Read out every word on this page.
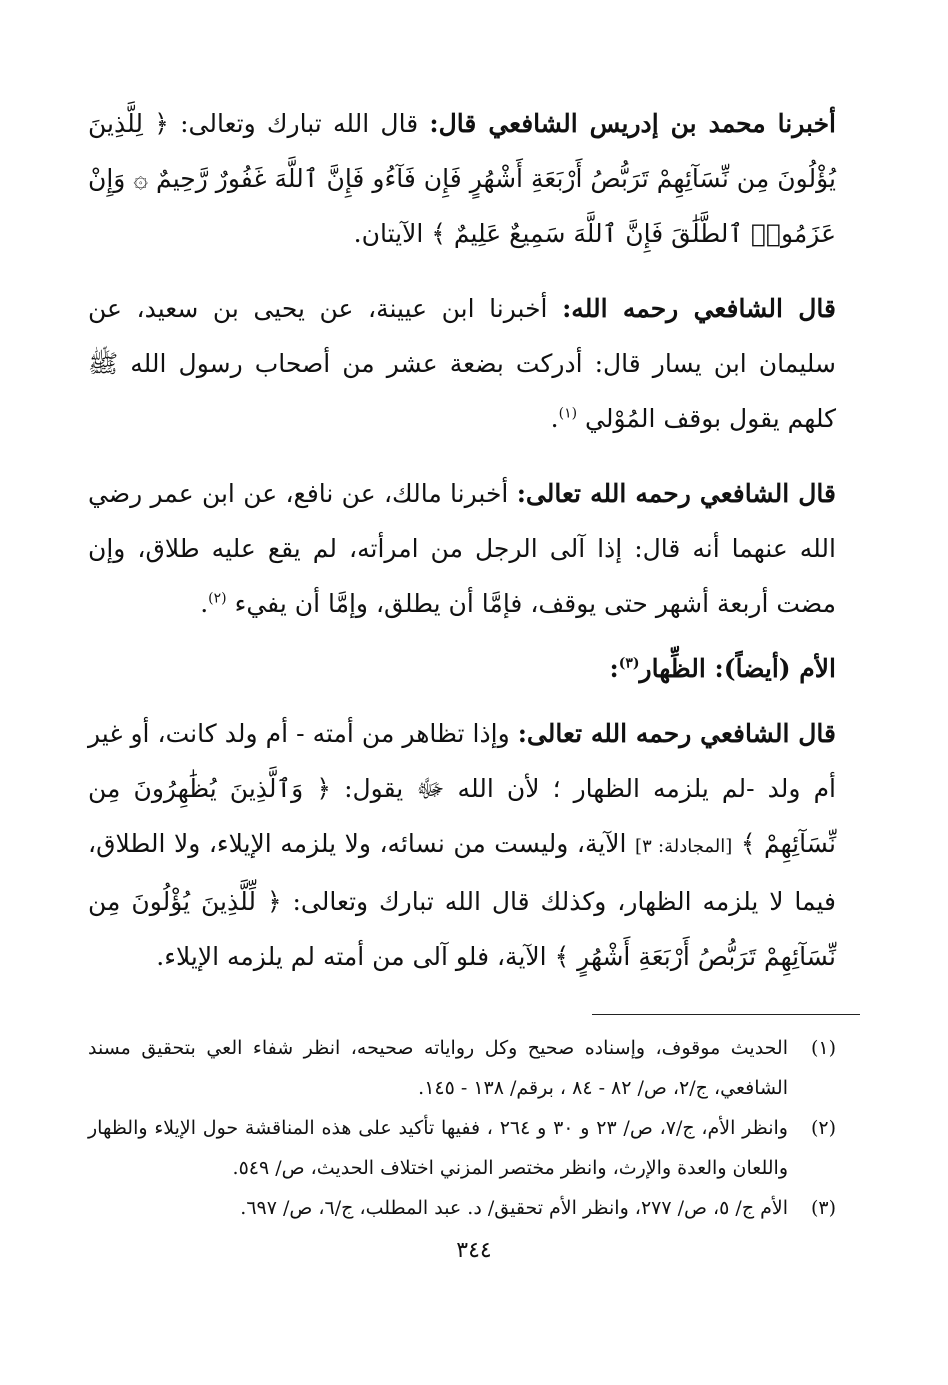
أخبرنا محمد بن إدريس الشافعي قال: قال الله تبارك وتعالى: ﴿ لِلَّذِينَ يُؤْلُونَ مِن نِّسَآئِهِمْ تَرَبُّصُ أَرْبَعَةِ أَشْهُرٍ فَإِن فَآءُو فَإِنَّ ٱللَّهَ غَفُورٌ رَّحِيمٌ ۞ وَإِنْ عَزَمُوا۟ ٱلطَّلَٰقَ فَإِنَّ ٱللَّهَ سَمِيعٌ عَلِيمٌ ﴾ الآيتان.

قال الشافعي رحمه الله: أخبرنا ابن عيينة، عن يحيى بن سعيد، عن سليمان ابن يسار قال: أدركت بضعة عشر من أصحاب رسول الله ﷺ كلهم يقول بوقف المُوْلي $^{(١)}$.

قال الشافعي رحمه الله تعالى: أخبرنا مالك، عن نافع، عن ابن عمر رضي الله عنهما أنه قال: إذا آلى الرجل من امرأته، لم يقع عليه طلاق، وإن مضت أربعة أشهر حتى يوقف، فإمَّا أن يطلق، وإمَّا أن يفيء $^{(٢)}$.

الأم (أيضاً): الظِّهار$^{(٣)}$:

قال الشافعي رحمه الله تعالى: وإذا تظاهر من أمته - أم ولد كانت، أو غير أم ولد -لم يلزمه الظهار ؛ لأن الله ﷻ يقول: ﴿ وَٱلَّذِينَ يُظَٰهِرُونَ مِن نِّسَآئِهِمْ ﴾ [المجادلة: ٣] الآية، وليست من نسائه، ولا يلزمه الإيلاء، ولا الطلاق، فيما لا يلزمه الظهار، وكذلك قال الله تبارك وتعالى: ﴿ لِّلَّذِينَ يُؤْلُونَ مِن نِّسَآئِهِمْ تَرَبُّصُ أَرْبَعَةِ أَشْهُرٍ ﴾ الآية، فلو آلى من أمته لم يلزمه الإيلاء.

(١)
الحديث موقوف، وإسناده صحيح وكل رواياته صحيحه، انظر شفاء العي بتحقيق مسند الشافعي، ج/٢، ص/ ٨٢ - ٨٤ ، برقم/ ١٣٨ - ١٤٥.
(٢)
وانظر الأم، ج/٧، ص/ ٢٣ و ٣٠ و ٢٦٤ ، ففيها تأكيد على هذه المناقشة حول الإيلاء والظهار واللعان والعدة والإرث، وانظر مختصر المزني اختلاف الحديث، ص/ ٥٤٩.
(٣)
الأم ج/ ٥، ص/ ٢٧٧، وانظر الأم تحقيق/ د. عبد المطلب، ج/٦، ص/ ٦٩٧.
٣٤٤
